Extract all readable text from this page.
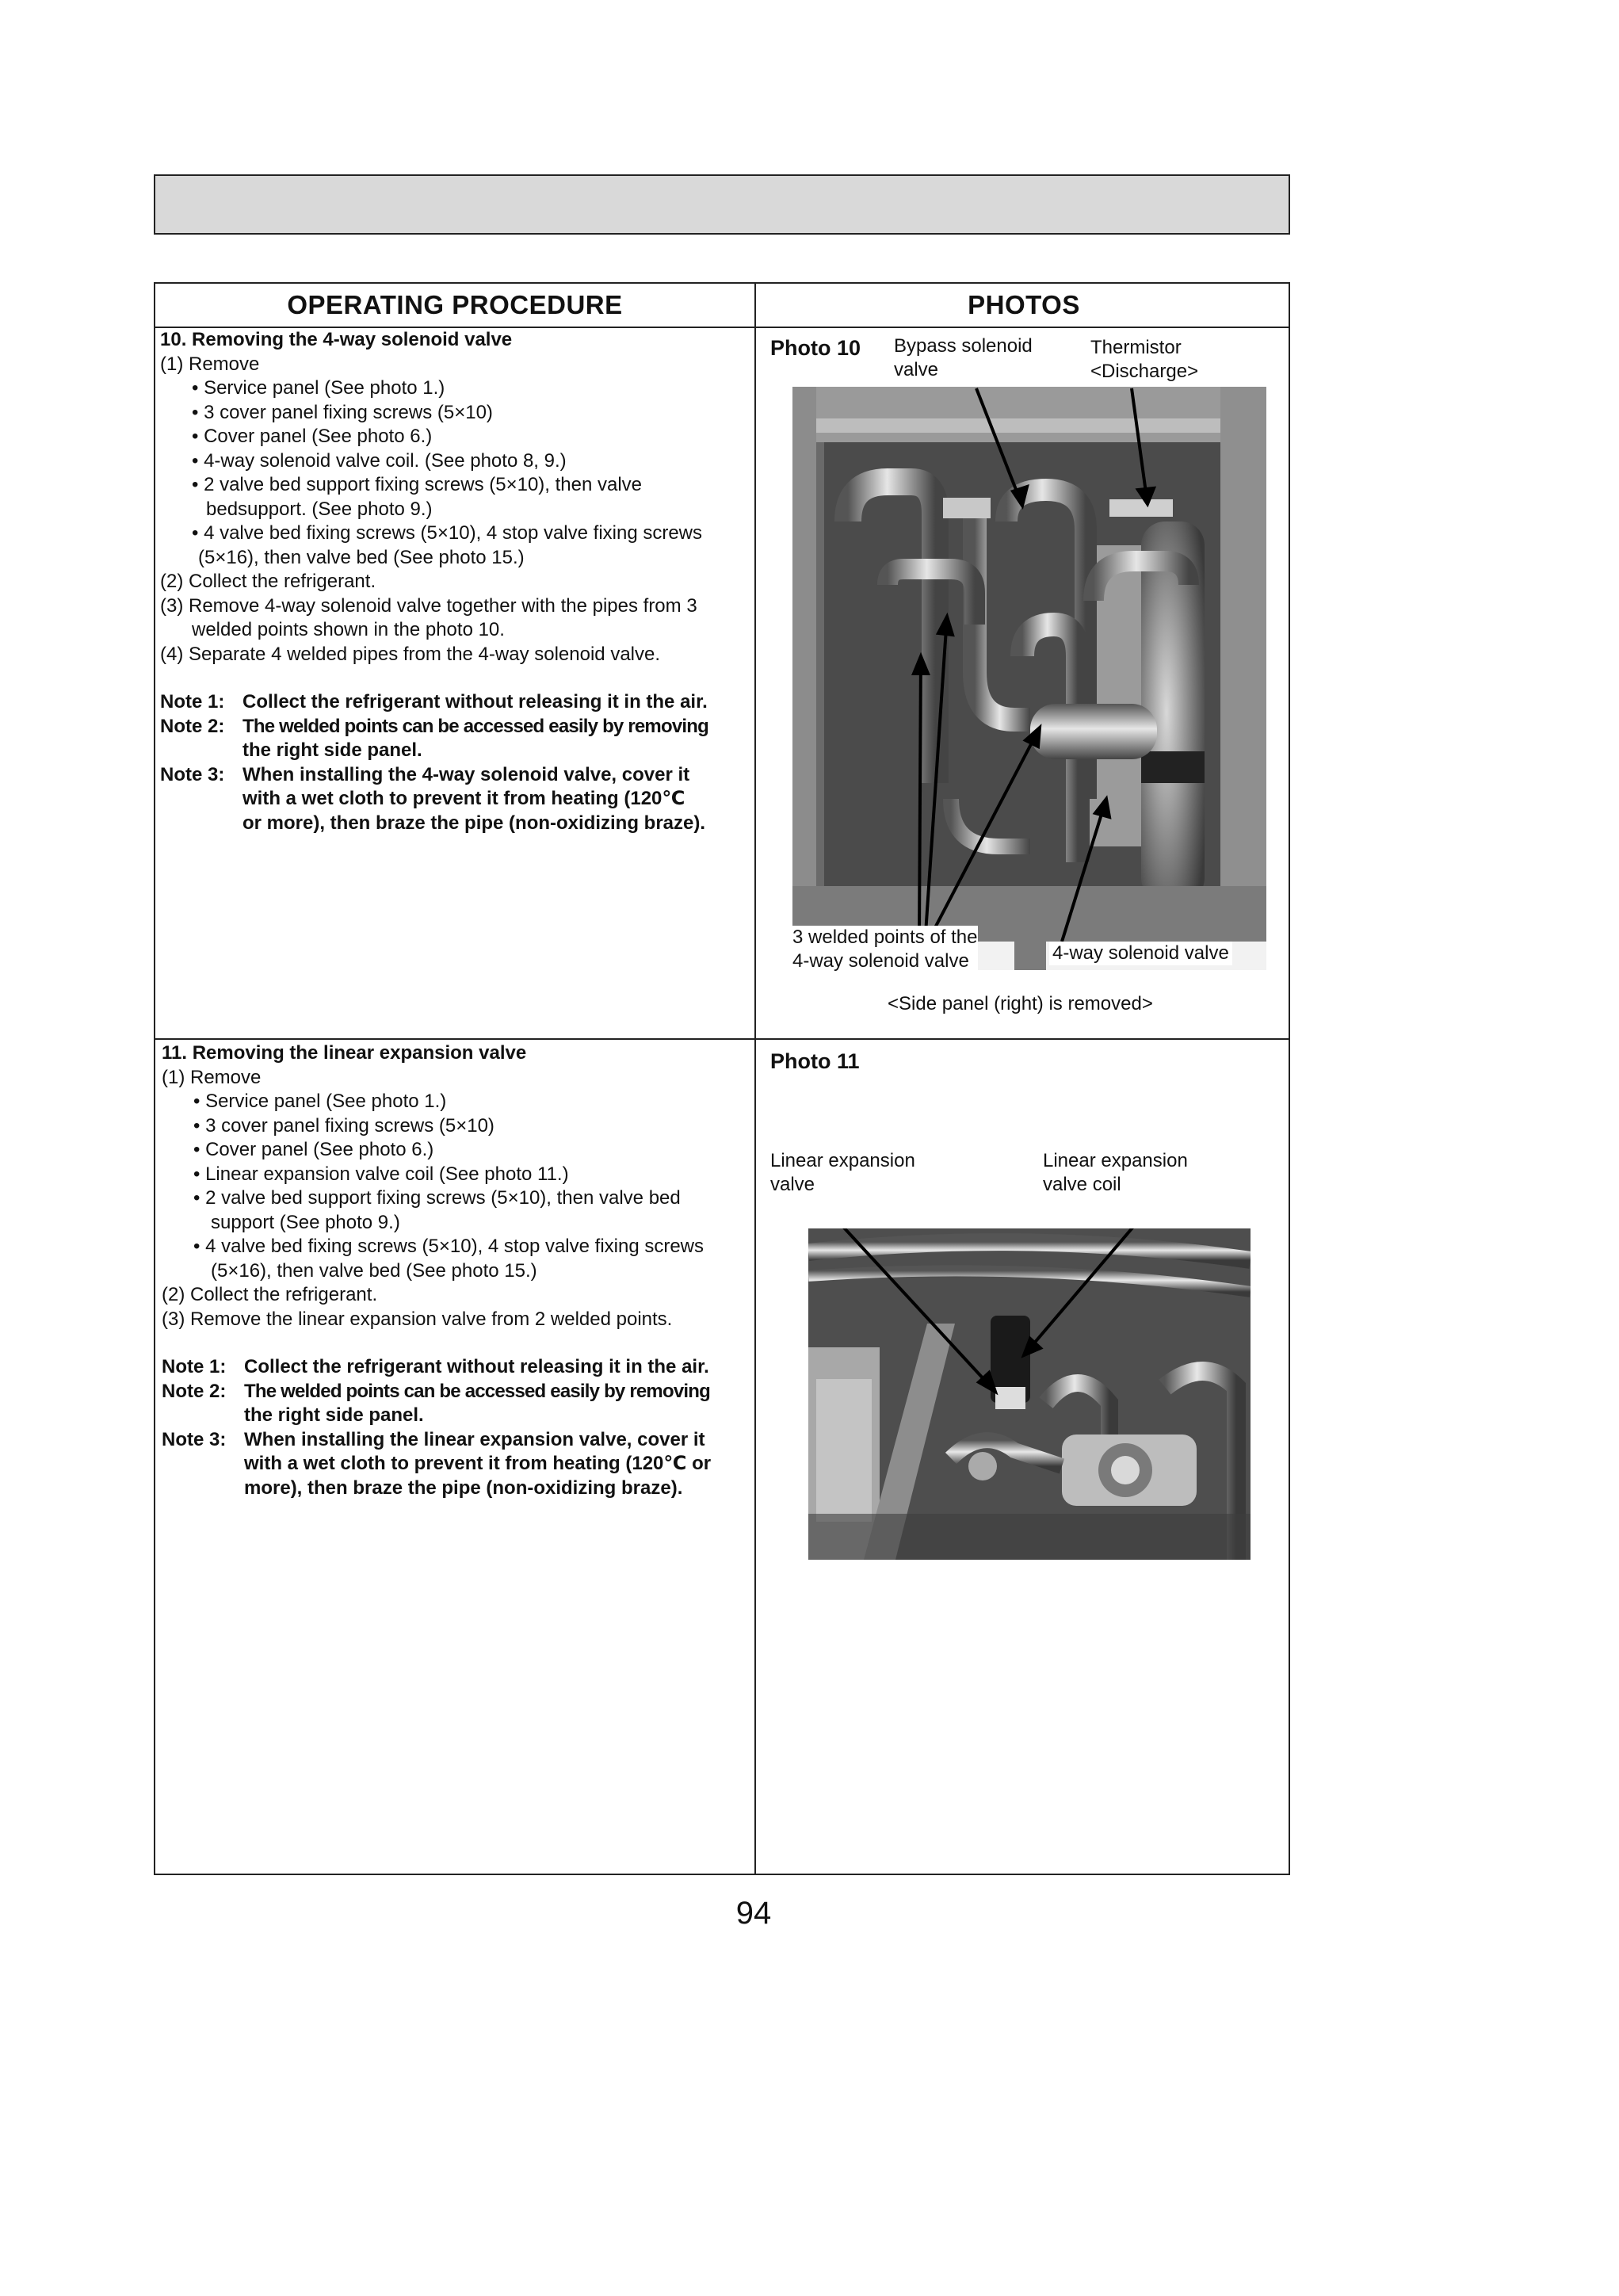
OPERATING PROCEDURE	PHOTOS
10. Removing the 4-way solenoid valve
(1) Remove
• Service panel (See photo 1.)
• 3 cover panel fixing screws (5×10)
• Cover panel (See photo 6.)
• 4-way solenoid valve coil. (See photo 8, 9.)
• 2 valve bed support fixing screws (5×10), then valve
bedsupport. (See photo 9.)
• 4 valve bed fixing screws (5×10), 4 stop valve fixing screws
(5×16), then valve bed (See photo 15.)
(2) Collect the refrigerant.
(3) Remove 4-way solenoid valve together with the pipes from 3
welded points shown in the photo 10.
(4) Separate 4 welded pipes from the 4-way solenoid valve.
Note 1: Collect the refrigerant without releasing it in the air.
Note 2: The welded points can be accessed easily by removing
the right side panel.
Note 3: When installing the 4-way solenoid valve, cover it
with a wet cloth to prevent it from heating (120℃
or more), then braze the pipe (non-oxidizing braze).
11. Removing the linear expansion valve
(1) Remove
• Service panel (See photo 1.)
• 3 cover panel fixing screws (5×10)
• Cover panel (See photo 6.)
• Linear expansion valve coil (See photo 11.)
• 2 valve bed support fixing screws (5×10), then valve bed
support (See photo 9.)
• 4 valve bed fixing screws (5×10), 4 stop valve fixing screws
(5×16), then valve bed (See photo 15.)
(2) Collect the refrigerant.
(3) Remove the linear expansion valve from 2 welded points.
Note 1: Collect the refrigerant without releasing it in the air.
Note 2: The welded points can be accessed easily by removing
the right side panel.
Note 3: When installing the linear expansion valve, cover it
with a wet cloth to prevent it from heating (120℃ or
more), then braze the pipe (non-oxidizing braze).
Photo 10 Bypass solenoid
valve
Thermistor
<Discharge>
3 welded points of the
4-way solenoid valve	4-way solenoid valve
<Side panel (right) is removed>
Photo 11
Linear expansion
valve
Linear expansion
valve coil
94
